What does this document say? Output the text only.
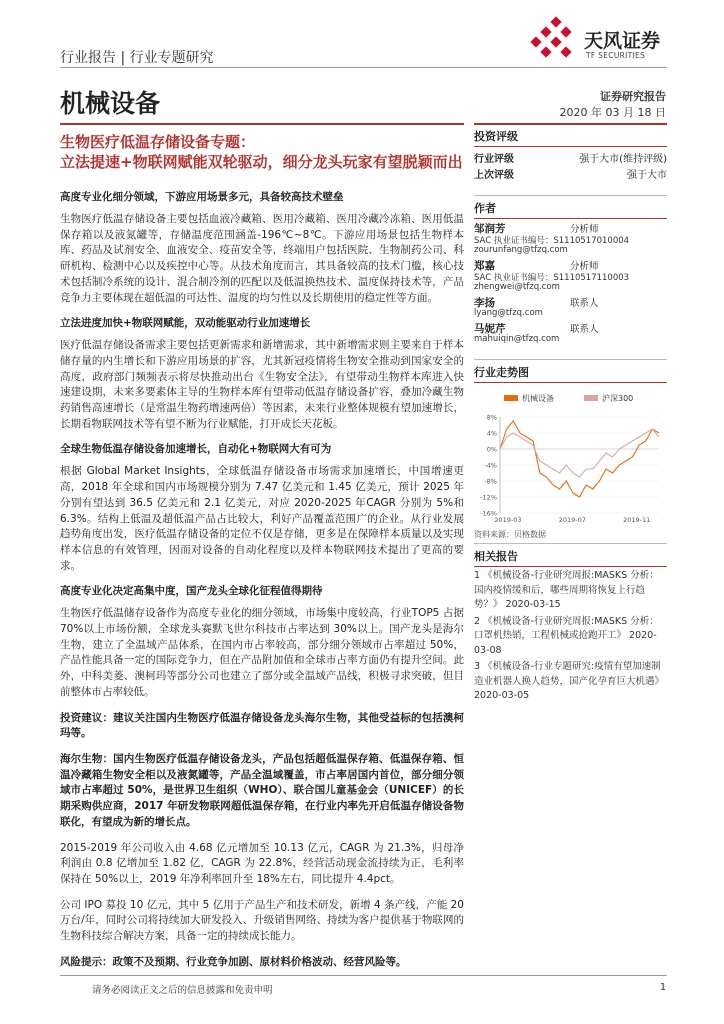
行业报告 | 行业专题研究
天风证券
TF SECURITIES
机械设备	证券研究报告
2020 年 03 月 18 日
生物医疗低温存储设备专题：
立法提速+物联网赋能双轮驱动，细分龙头玩家有望脱颖而出
高度专业化细分领域，下游应用场景多元，具备较高技术壁垒

生物医疗低温存储设备主要包括血液冷藏箱、医用冷藏箱、医用冷藏冷冻箱、医用低温保存箱以及液氮罐等，存储温度范围涵盖-196℃~8℃。下游应用场景包括生物样本库、药品及试剂安全、血液安全、疫苗安全等，终端用户包括医院、生物制药公司、科研机构、检测中心以及疾控中心等。从技术角度而言，其具备较高的技术门槛，核心技术包括制冷系统的设计、混合制冷剂的匹配以及低温换热技术、温度保持技术等，产品竞争力主要体现在超低温的可达性、温度的均匀性以及长期使用的稳定性等方面。

立法进度加快+物联网赋能，双动能驱动行业加速增长

医疗低温存储设备需求主要包括更新需求和新增需求，其中新增需求则主要来自于样本储存量的内生增长和下游应用场景的扩容，尤其新冠疫情将生物安全推动到国家安全的高度，政府部门频频表示将尽快推动出台《生物安全法》，有望带动生物样本库进入快速建设期，未来多要素体主导的生物样本库有望带动低温存储设备扩容，叠加冷藏生物药销售高速增长（是常温生物药增速两倍）等因素，未来行业整体规模有望加速增长，长期看物联网技术等有望不断为行业赋能，打开成长天花板。

全球生物低温存储设备加速增长，自动化+物联网大有可为

根据 Global Market Insights，全球低温存储设备市场需求加速增长，中国增速更高，2018 年全球和国内市场规模分别为 7.47 亿美元和 1.45 亿美元，预计 2025 年分别有望达到 36.5 亿美元和 2.1 亿美元，对应 2020-2025 年CAGR 分别为 5%和 6.3%。结构上低温及超低温产品占比较大，利好产品覆盖范围广的企业。从行业发展趋势角度出发，医疗低温存储设备的定位不仅是存储，更多是在保障样本质量以及实现样本信息的有效管理，因而对设备的自动化程度以及样本物联网技术提出了更高的要求。

高度专业化决定高集中度，国产龙头全球化征程值得期待

生物医疗低温储存设备作为高度专业化的细分领域，市场集中度较高，行业TOP5 占据 70%以上市场份额，全球龙头赛默飞世尔科技市占率达到 30%以上。国产龙头是海尔生物，建立了全温域产品体系，在国内市占率较高，部分细分领域市占率超过 50%，产品性能具备一定的国际竞争力，但在产品附加值和全球市占率方面仍有提升空间。此外，中科美菱、澳柯玛等部分公司也建立了部分或全温域产品线，积极寻求突破，但目前整体市占率较低。

投资建议：建议关注国内生物医疗低温存储设备龙头海尔生物，其他受益标的包括澳柯玛等。

海尔生物：国内生物医疗低温存储设备龙头，产品包括超低温保存箱、低温保存箱、恒温冷藏箱生物安全柜以及液氮罐等，产品全温域覆盖，市占率居国内首位，部分细分领域市占率超过 50%，是世界卫生组织（WHO）、联合国儿童基金会（UNICEF）的长期采购供应商，2017 年研发物联网超低温保存箱，在行业内率先开启低温存储设备物联化，有望成为新的增长点。

2015-2019 年公司收入由 4.68 亿元增加至 10.13 亿元，CAGR 为 21.3%，归母净利润由 0.8 亿增加至 1.82 亿，CAGR 为 22.8%，经营活动现金流持续为正，毛利率保持在 50%以上，2019 年净利率回升至 18%左右，同比提升 4.4pct。

公司 IPO 募投 10 亿元，其中 5 亿用于产品生产和技术研发，新增 4 条产线，产能 20 万台/年，同时公司将持续加大研发投入、升级销售网络、持续为客户提供基于物联网的生物科技综合解决方案，具备一定的持续成长能力。

风险提示：政策不及预期、行业竞争加剧、原材料价格波动、经营风险等。

投资评级
行业评级	强于大市(维持评级)
上次评级	强于大市
作者
邹润芳	分析师
SAC 执业证书编号：S1110517010004
zourunfang@tfzq.com
郑嘉	分析师
SAC 执业证书编号：S1110517110003
zhengwei@tfzq.com
李扬	联系人
lyang@tfzq.com
马妮芹	联系人
mahuiqin@tfzq.com
行业走势图
机械设备	沪深300
8%
4%
0%
-4%
-8%
-12%
-16%
2019-03	2019-07	2019-11
资料来源：贝格数据
相关报告
1 《机械设备-行业研究周报:MASKS 分析：国内疫情缓和后，哪些周期将恢复上行趋势？》 2020-03-15
2 《机械设备-行业研究周报:MASKS 分析：口罩机热销，工程机械或抢跑开工》 2020-03-08
3 《机械设备-行业专题研究:疫情有望加速制造业机器人换人趋势，国产化孕育巨大机遇》 2020-03-05
请务必阅读正文之后的信息披露和免责申明	1
